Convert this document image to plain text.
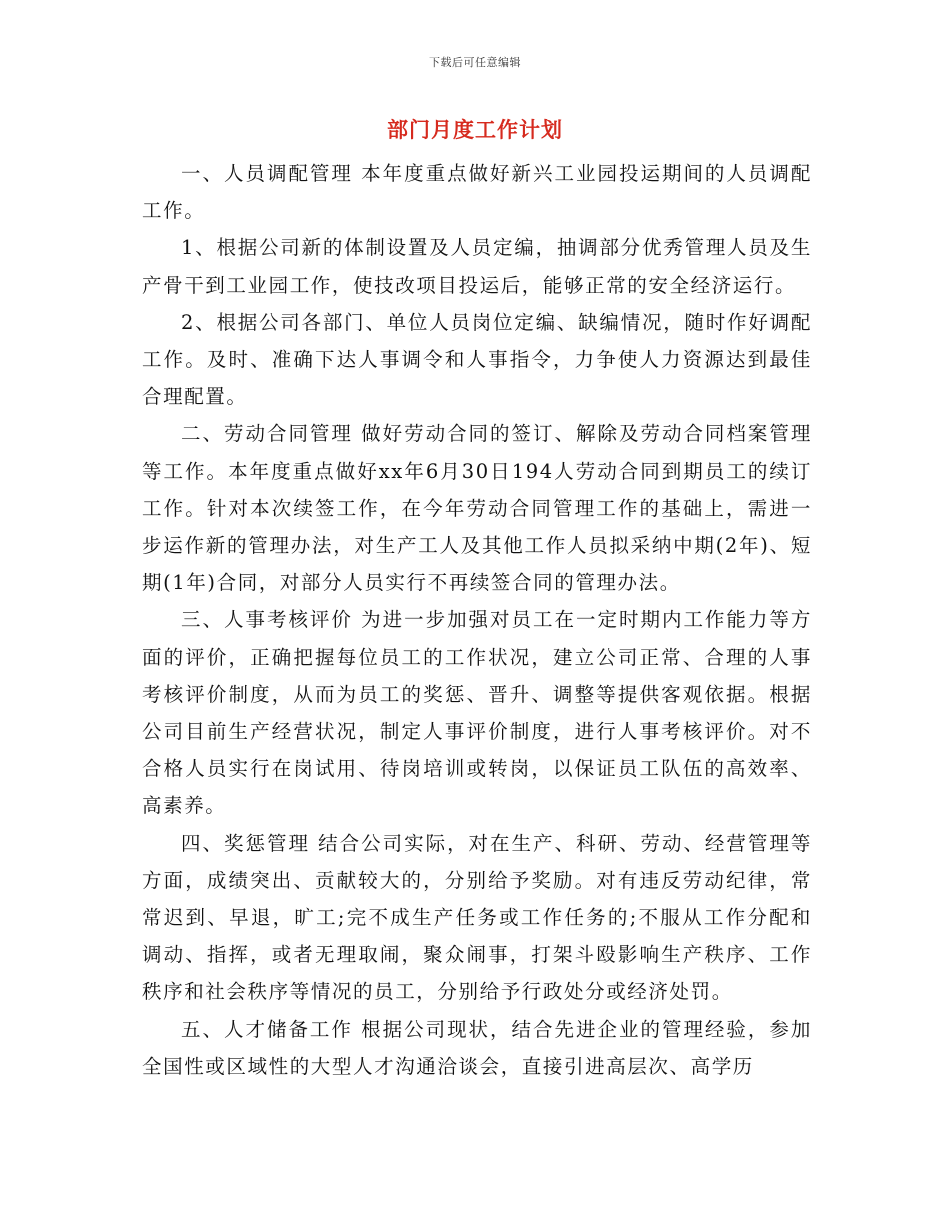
下载后可任意编辑
部门月度工作计划

一、人员调配管理 本年度重点做好新兴工业园投运期间的人员调配工作。

1、根据公司新的体制设置及人员定编，抽调部分优秀管理人员及生产骨干到工业园工作，使技改项目投运后，能够正常的安全经济运行。

2、根据公司各部门、单位人员岗位定编、缺编情况，随时作好调配工作。及时、准确下达人事调令和人事指令，力争使人力资源达到最佳合理配置。

二、劳动合同管理 做好劳动合同的签订、解除及劳动合同档案管理等工作。本年度重点做好xx年6月30日194人劳动合同到期员工的续订工作。针对本次续签工作，在今年劳动合同管理工作的基础上，需进一步运作新的管理办法，对生产工人及其他工作人员拟采纳中期(2年)、短期(1年)合同，对部分人员实行不再续签合同的管理办法。

三、人事考核评价 为进一步加强对员工在一定时期内工作能力等方面的评价，正确把握每位员工的工作状况，建立公司正常、合理的人事考核评价制度，从而为员工的奖惩、晋升、调整等提供客观依据。根据公司目前生产经营状况，制定人事评价制度，进行人事考核评价。对不合格人员实行在岗试用、待岗培训或转岗，以保证员工队伍的高效率、高素养。

四、奖惩管理 结合公司实际，对在生产、科研、劳动、经营管理等方面，成绩突出、贡献较大的，分别给予奖励。对有违反劳动纪律，常常迟到、早退，旷工;完不成生产任务或工作任务的;不服从工作分配和调动、指挥，或者无理取闹，聚众闹事，打架斗殴影响生产秩序、工作秩序和社会秩序等情况的员工，分别给予行政处分或经济处罚。

五、人才储备工作 根据公司现状，结合先进企业的管理经验，参加全国性或区域性的大型人才沟通洽谈会，直接引进高层次、高学历
